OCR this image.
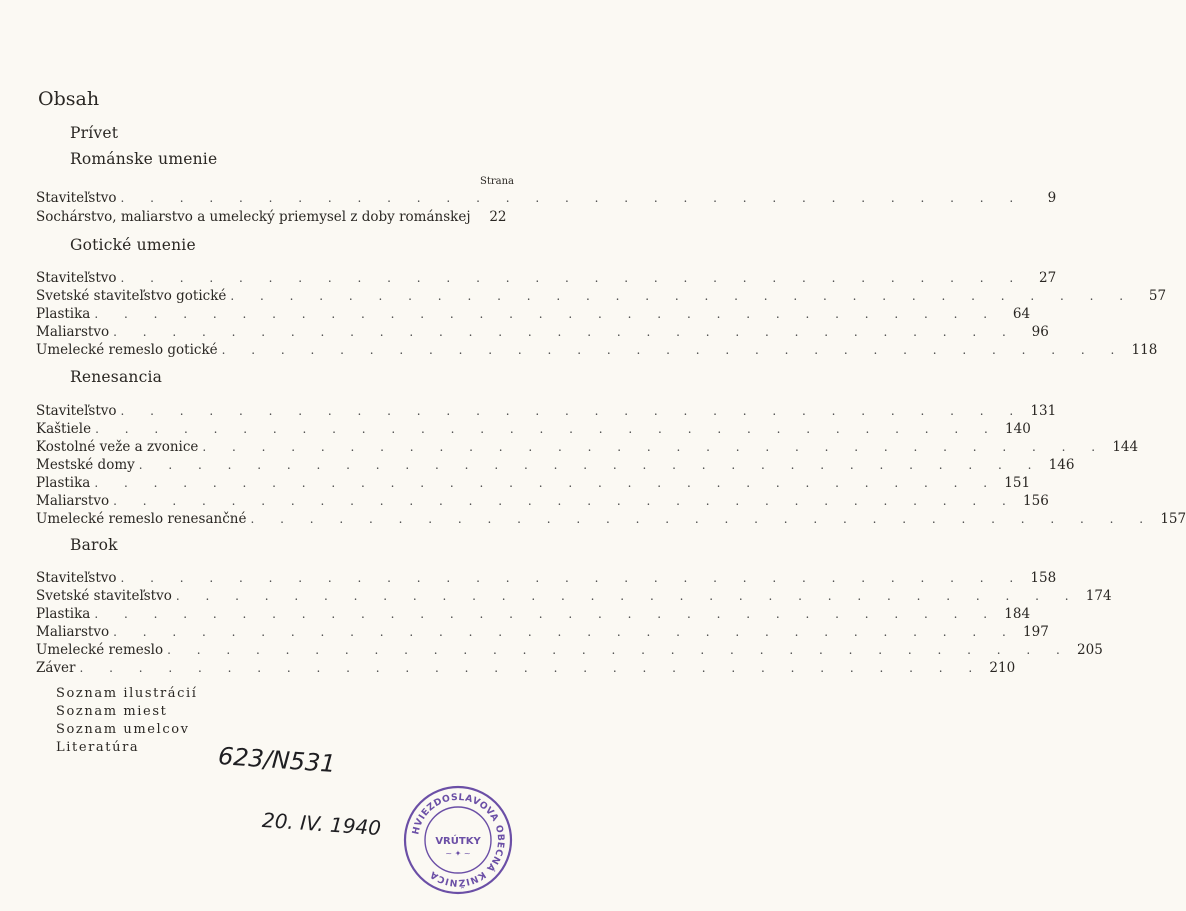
Obsah
Prívet
Románske umenie
Strana
Staviteľstvo . . . . . . . . . . . . . . . . . . . . . . . . . . . . . . .	9
Sochárstvo, maliarstvo a umelecký priemysel z doby románskej	22
Gotické umenie
Staviteľstvo . . . . . . . . . . . . . . . . . . . . . . . . . . . . . . .	27
Svetské staviteľstvo gotické . . . . . . . . . . . . . . . . . . . . . . . . . . . . . . .	57
Plastika . . . . . . . . . . . . . . . . . . . . . . . . . . . . . . .	64
Maliarstvo . . . . . . . . . . . . . . . . . . . . . . . . . . . . . . .	96
Umelecké remeslo gotické . . . . . . . . . . . . . . . . . . . . . . . . . . . . . . . 118
Renesancia
Staviteľstvo . . . . . . . . . . . . . . . . . . . . . . . . . . . . . . . 131
Kaštiele . . . . . . . . . . . . . . . . . . . . . . . . . . . . . . . 140
Kostolné veže a zvonice . . . . . . . . . . . . . . . . . . . . . . . . . . . . . . . 144
Mestské domy . . . . . . . . . . . . . . . . . . . . . . . . . . . . . . . 146
Plastika . . . . . . . . . . . . . . . . . . . . . . . . . . . . . . . 151
Maliarstvo . . . . . . . . . . . . . . . . . . . . . . . . . . . . . . . 156
Umelecké remeslo renesančné . . . . . . . . . . . . . . . . . . . . . . . . . . . . . . . 157
Barok
Staviteľstvo . . . . . . . . . . . . . . . . . . . . . . . . . . . . . . . 158
Svetské staviteľstvo . . . . . . . . . . . . . . . . . . . . . . . . . . . . . . . 174
Plastika . . . . . . . . . . . . . . . . . . . . . . . . . . . . . . . 184
Maliarstvo . . . . . . . . . . . . . . . . . . . . . . . . . . . . . . . 197
Umelecké remeslo . . . . . . . . . . . . . . . . . . . . . . . . . . . . . . . 205
Záver . . . . . . . . . . . . . . . . . . . . . . . . . . . . . . . 210
Soznam ilustrácií
Soznam miest
Soznam umelcov
Literatúra	623/N531
20. IV. 1940	HVIEZDOSLAVOVA OBECNÁ KNIŽNICA
VRÚTKY
~ ✦ ~
